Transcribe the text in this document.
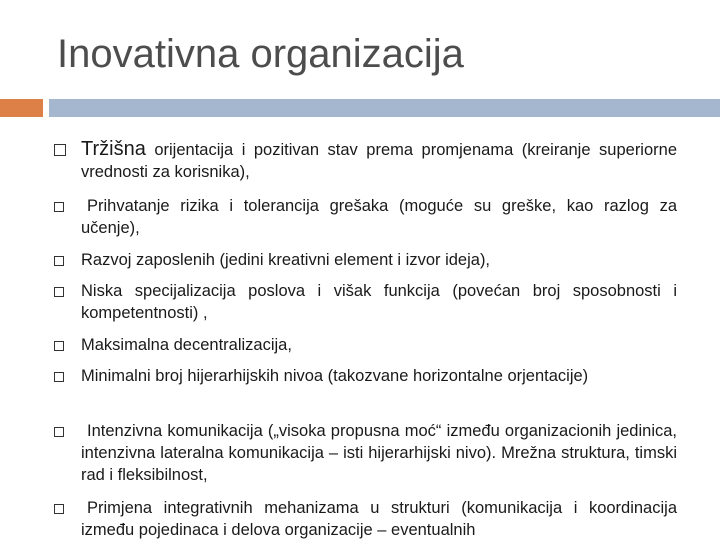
Inovativna organizacija
Tržišna orijentacija i pozitivan stav prema promjenama (kreiranje superiorne vrednosti za korisnika),
Prihvatanje rizika i tolerancija grešaka (moguće su greške, kao razlog za učenje),
Razvoj zaposlenih (jedini kreativni element i izvor ideja),
Niska specijalizacija poslova i višak funkcija (povećan broj sposobnosti i kompetentnosti) ,
Maksimalna decentralizacija,
Minimalni broj hijerarhijskih nivoa (takozvane horizontalne orjentacije)
Intenzivna komunikacija („visoka propusna moć“ između organizacionih jedinica, intenzivna lateralna komunikacija – isti hijerarhijski nivo). Mrežna struktura, timski rad i fleksibilnost,
Primjena integrativnih mehanizama u strukturi (komunikacija i koordinacija između pojedinaca i delova organizacije – eventualnih
